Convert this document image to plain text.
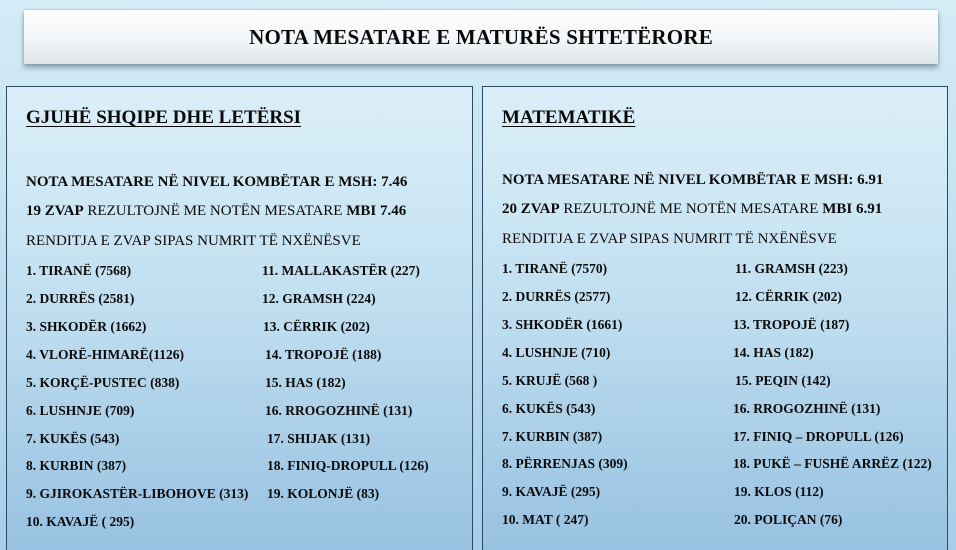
NOTA MESATARE E MATURËS SHTETËRORE
GJUHË SHQIPE DHE LETËRSI
NOTA MESATARE NË NIVEL KOMBËTAR E MSH: 7.46
19 ZVAP REZULTOJNË ME NOTËN MESATARE MBI 7.46
RENDITJA E ZVAP SIPAS NUMRIT TË NXËNËSVE
1. TIRANË (7568)
2. DURRËS (2581)
3. SHKODËR (1662)
4. VLORË-HIMARË(1126)
5. KORÇË-PUSTEC (838)
6. LUSHNJE (709)
7. KUKËS (543)
8. KURBIN (387)
9. GJIROKASTËR-LIBOHOVE (313)
10. KAVAJË ( 295)
11. MALLAKASTËR (227)
12. GRAMSH (224)
13. CËRRIK (202)
14. TROPOJË (188)
15. HAS (182)
16. RROGOZHINË (131)
17. SHIJAK (131)
18. FINIQ-DROPULL (126)
19. KOLONJË (83)
MATEMATIKË
NOTA MESATARE NË NIVEL KOMBËTAR E MSH: 6.91
20 ZVAP REZULTOJNË ME NOTËN MESATARE MBI 6.91
RENDITJA E ZVAP SIPAS NUMRIT TË NXËNËSVE
1. TIRANË (7570)
2. DURRËS (2577)
3. SHKODËR (1661)
4. LUSHNJE (710)
5. KRUJË (568 )
6. KUKËS (543)
7. KURBIN (387)
8. PËRRENJAS (309)
9. KAVAJË (295)
10. MAT ( 247)
11. GRAMSH (223)
12. CËRRIK (202)
13. TROPOJË (187)
14. HAS (182)
15. PEQIN (142)
16. RROGOZHINË (131)
17. FINIQ – DROPULL (126)
18. PUKË – FUSHË ARRËZ (122)
19. KLOS (112)
20. POLIÇAN (76)
